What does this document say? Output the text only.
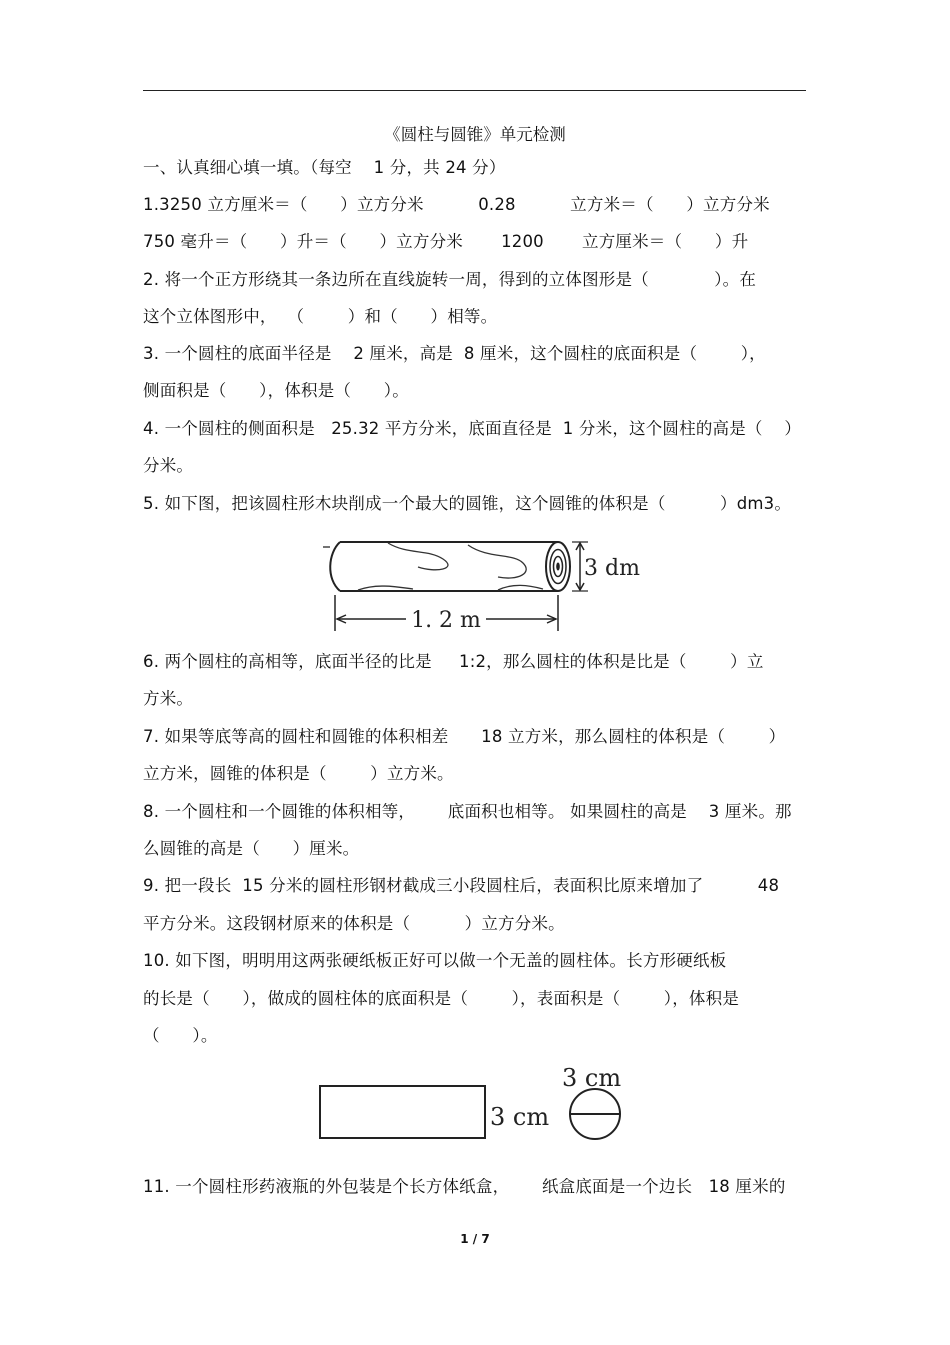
《圆柱与圆锥》单元检测
一、认真细心填一填。（每空    1 分，共 24 分）
1.3250 立方厘米＝（      ）立方分米          0.28          立方米＝（      ）立方分米
750 毫升＝（      ）升＝（      ）立方分米       1200       立方厘米＝（      ）升
2. 将一个正方形绕其一条边所在直线旋转一周，得到的立体图形是（            ）。在
这个立体图形中，  （        ）和（      ）相等。
3. 一个圆柱的底面半径是    2 厘米，高是  8 厘米，这个圆柱的底面积是（        ），
侧面积是（      ），体积是（      ）。
4. 一个圆柱的侧面积是   25.32 平方分米，底面直径是  1 分米，这个圆柱的高是（    ）
分米。
5. 如下图，把该圆柱形木块削成一个最大的圆锥，这个圆锥的体积是（          ）dm3。
3 dm
1. 2 m
6. 两个圆柱的高相等，底面半径的比是     1:2，那么圆柱的体积是比是（        ）立
方米。
7. 如果等底等高的圆柱和圆锥的体积相差      18 立方米，那么圆柱的体积是（        ）
立方米，圆锥的体积是（        ）立方米。
8. 一个圆柱和一个圆锥的体积相等，      底面积也相等。 如果圆柱的高是    3 厘米。那
么圆锥的高是（      ）厘米。
9. 把一段长  15 分米的圆柱形钢材截成三小段圆柱后，表面积比原来增加了          48
平方分米。这段钢材原来的体积是（          ）立方分米。
10. 如下图，明明用这两张硬纸板正好可以做一个无盖的圆柱体。长方形硬纸板
的长是（      ），做成的圆柱体的底面积是（        ），表面积是（        ），体积是
（      ）。
3 cm
3 cm
11. 一个圆柱形药液瓶的外包装是个长方体纸盒，      纸盒底面是一个边长   18 厘米的
1 / 7
